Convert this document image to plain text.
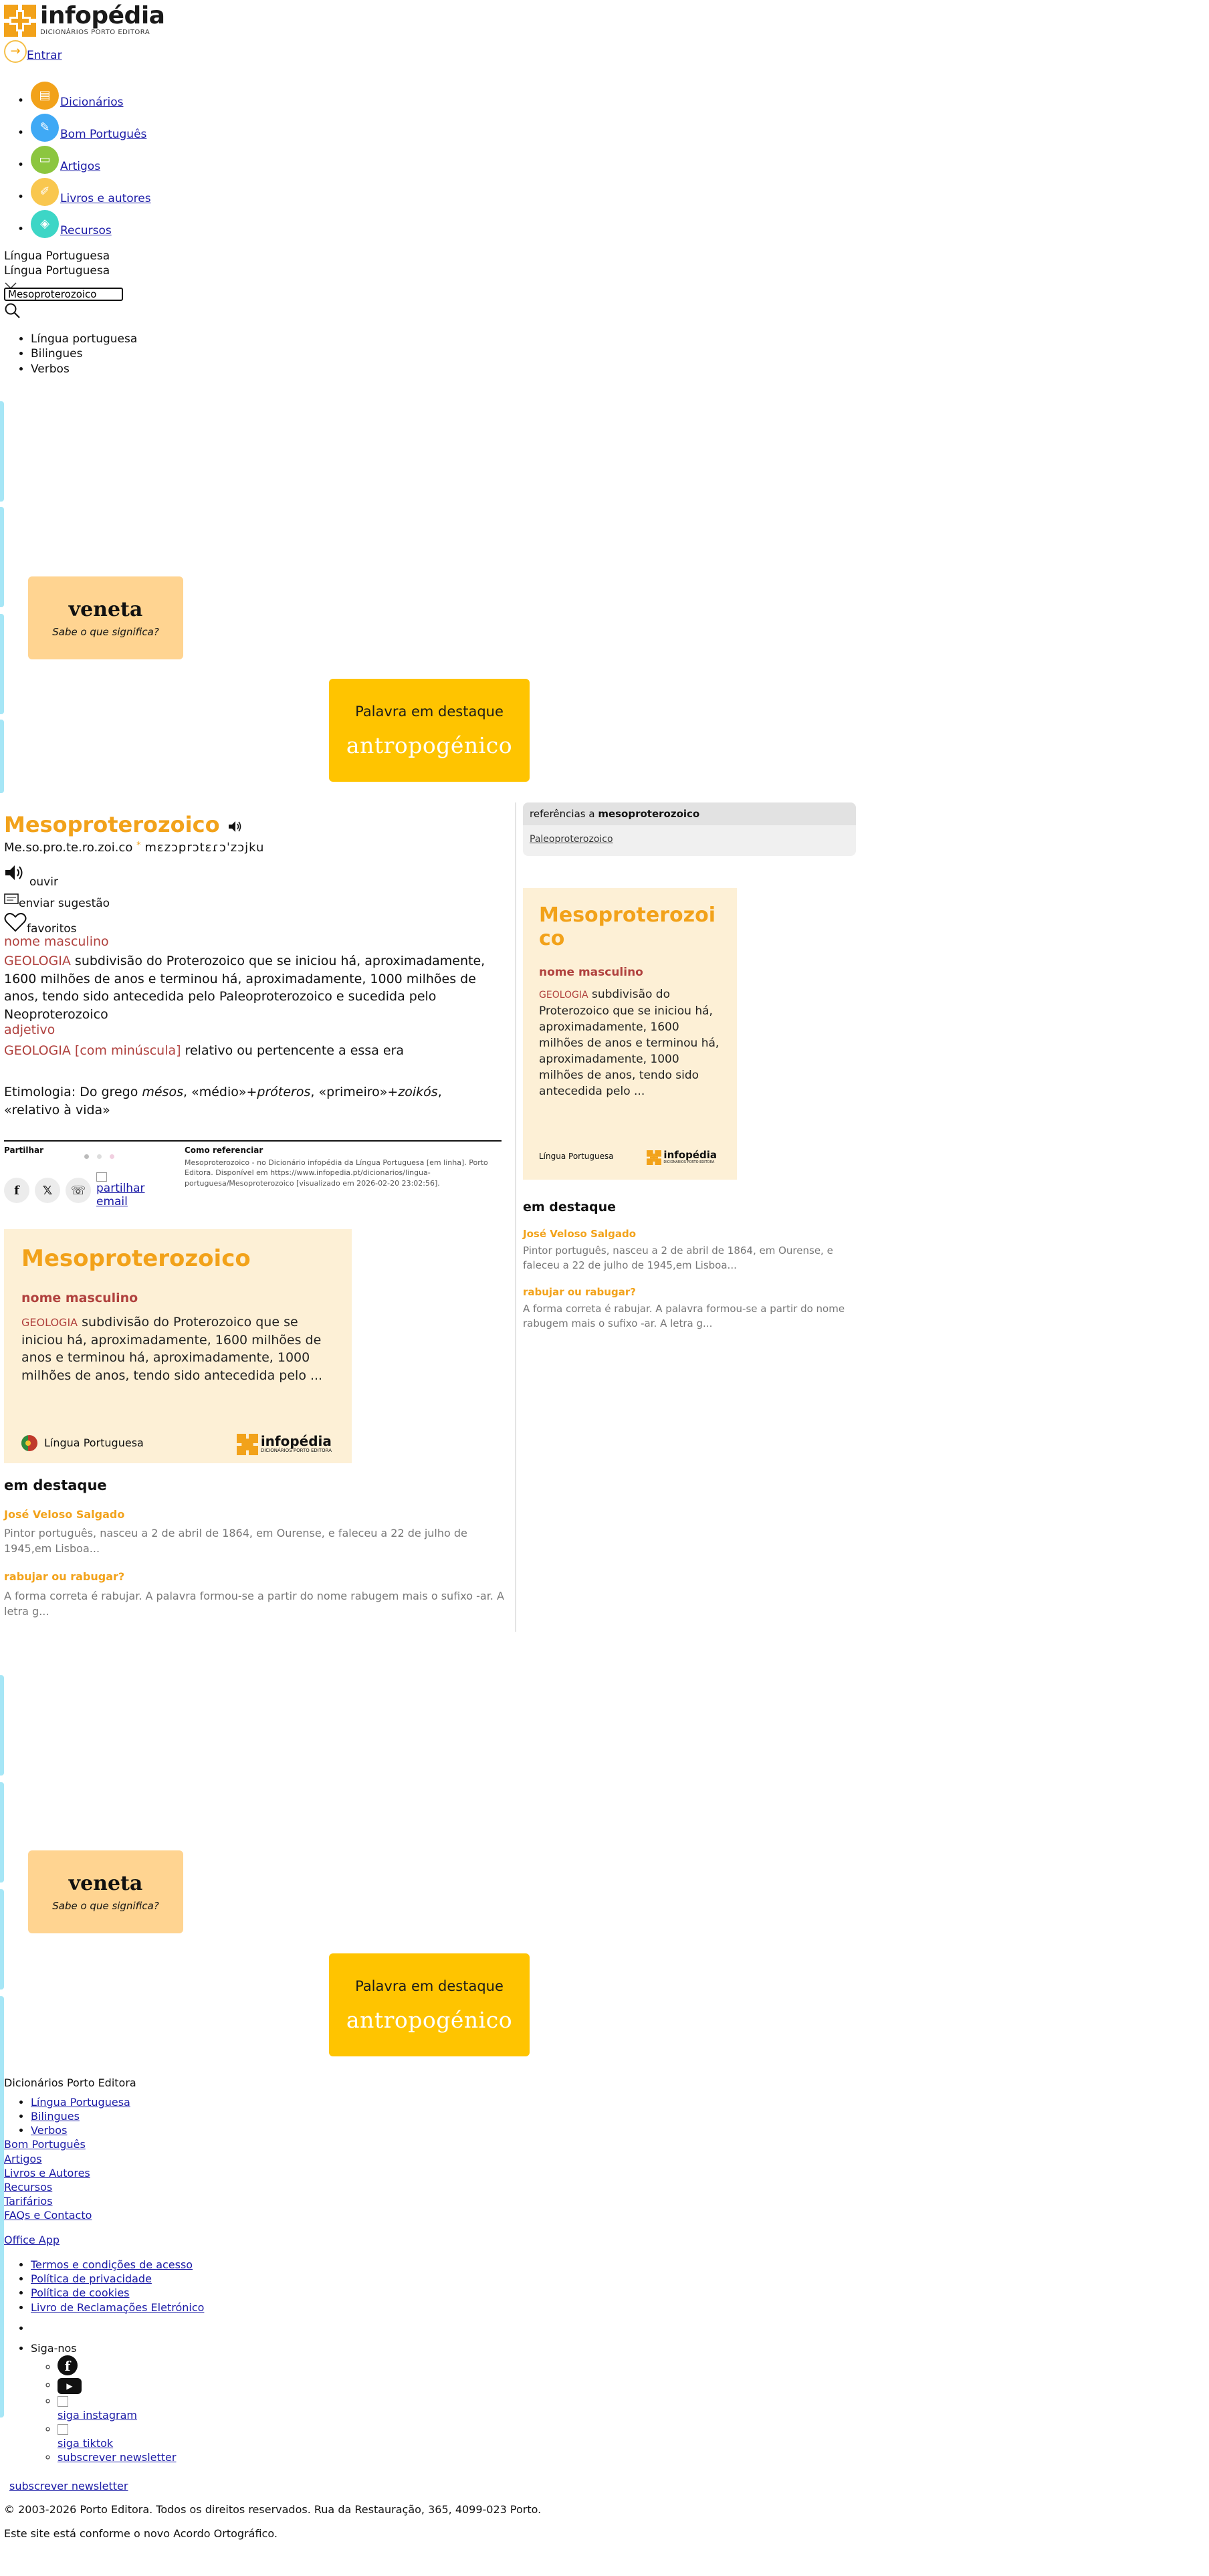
infopédia
DICIONÁRIOS PORTO EDITORA
→ Entrar
• ▤ Dicionários
• ✎ Bom Português
• ▭ Artigos
• ✐ Livros e autores
• ◈ Recursos
Língua Portuguesa
Língua Portuguesa
Mesoproterozoico
• Língua portuguesa
• Bilingues
• Verbos
veneta
Sabe o que significa?
Palavra em destaque
antropogénico
Mesoproterozoico
Me.so.pro.te.ro.zoi.co * mɛzɔprɔtɛɾɔˈzɔjku
ouvir
enviar sugestão
favoritos
nome masculino
GEOLOGIA subdivisão do Proterozoico que se iniciou há, aproximadamente, 1600 milhões de anos e terminou há, aproximadamente, 1000 milhões de anos, tendo sido antecedida pelo Paleoproterozoico e sucedida pelo Neoproterozoico
adjetivo
GEOLOGIA [com minúscula] relativo ou pertencente a essa era
Etimologia: Do grego mésos, «médio»+próteros, «primeiro»+zoikós, «relativo à vida»
Partilhar
f	𝕏	☏ partilhar email
Como referenciar
Mesoproterozoico - no Dicionário infopédia da Língua Portuguesa [em linha]. Porto Editora. Disponível em https://www.infopedia.pt/dicionarios/lingua-portuguesa/Mesoproterozoico [visualizado em 2026-02-20 23:02:56].
Mesoproterozoico
nome masculino
GEOLOGIA subdivisão do Proterozoico que se iniciou há, aproximadamente, 1600 milhões de anos e terminou há, aproximadamente, 1000 milhões de anos, tendo sido antecedida pelo ...
Língua Portuguesa	infopédia
DICIONÁRIOS PORTO EDITORA
em destaque
José Veloso Salgado
Pintor português, nasceu a 2 de abril de 1864, em Ourense, e faleceu a 22 de julho de 1945,em Lisboa...
rabujar ou rabugar?
A forma correta é rabujar. A palavra formou-se a partir do nome rabugem mais o sufixo -ar. A letra g...
referências a mesoproterozoico
Paleoproterozoico
Mesoproterozoi
co
nome masculino
GEOLOGIA subdivisão do Proterozoico que se iniciou há, aproximadamente, 1600 milhões de anos e terminou há, aproximadamente, 1000 milhões de anos, tendo sido antecedida pelo ...
Língua Portuguesa	infopédia
DICIONÁRIOS PORTO EDITORA
em destaque
José Veloso Salgado
Pintor português, nasceu a 2 de abril de 1864, em Ourense, e faleceu a 22 de julho de 1945,em Lisboa...
rabujar ou rabugar?
A forma correta é rabujar. A palavra formou-se a partir do nome rabugem mais o sufixo -ar. A letra g...
veneta
Sabe o que significa?
Palavra em destaque
antropogénico
Dicionários Porto Editora
• Língua Portuguesa
• Bilingues
• Verbos
Bom Português
Artigos
Livros e Autores
Recursos
Tarifários
FAQs e Contacto
Office App
• Termos e condições de acesso
• Política de privacidade
• Política de cookies
• Livro de Reclamações Eletrónico
•
• Siga-nos
◦ f
◦ ▶
◦ siga instagram
◦ siga tiktok
◦ subscrever newsletter
subscrever newsletter
© 2003-2026 Porto Editora. Todos os direitos reservados. Rua da Restauração, 365, 4099-023 Porto.
Este site está conforme o novo Acordo Ortográfico.
